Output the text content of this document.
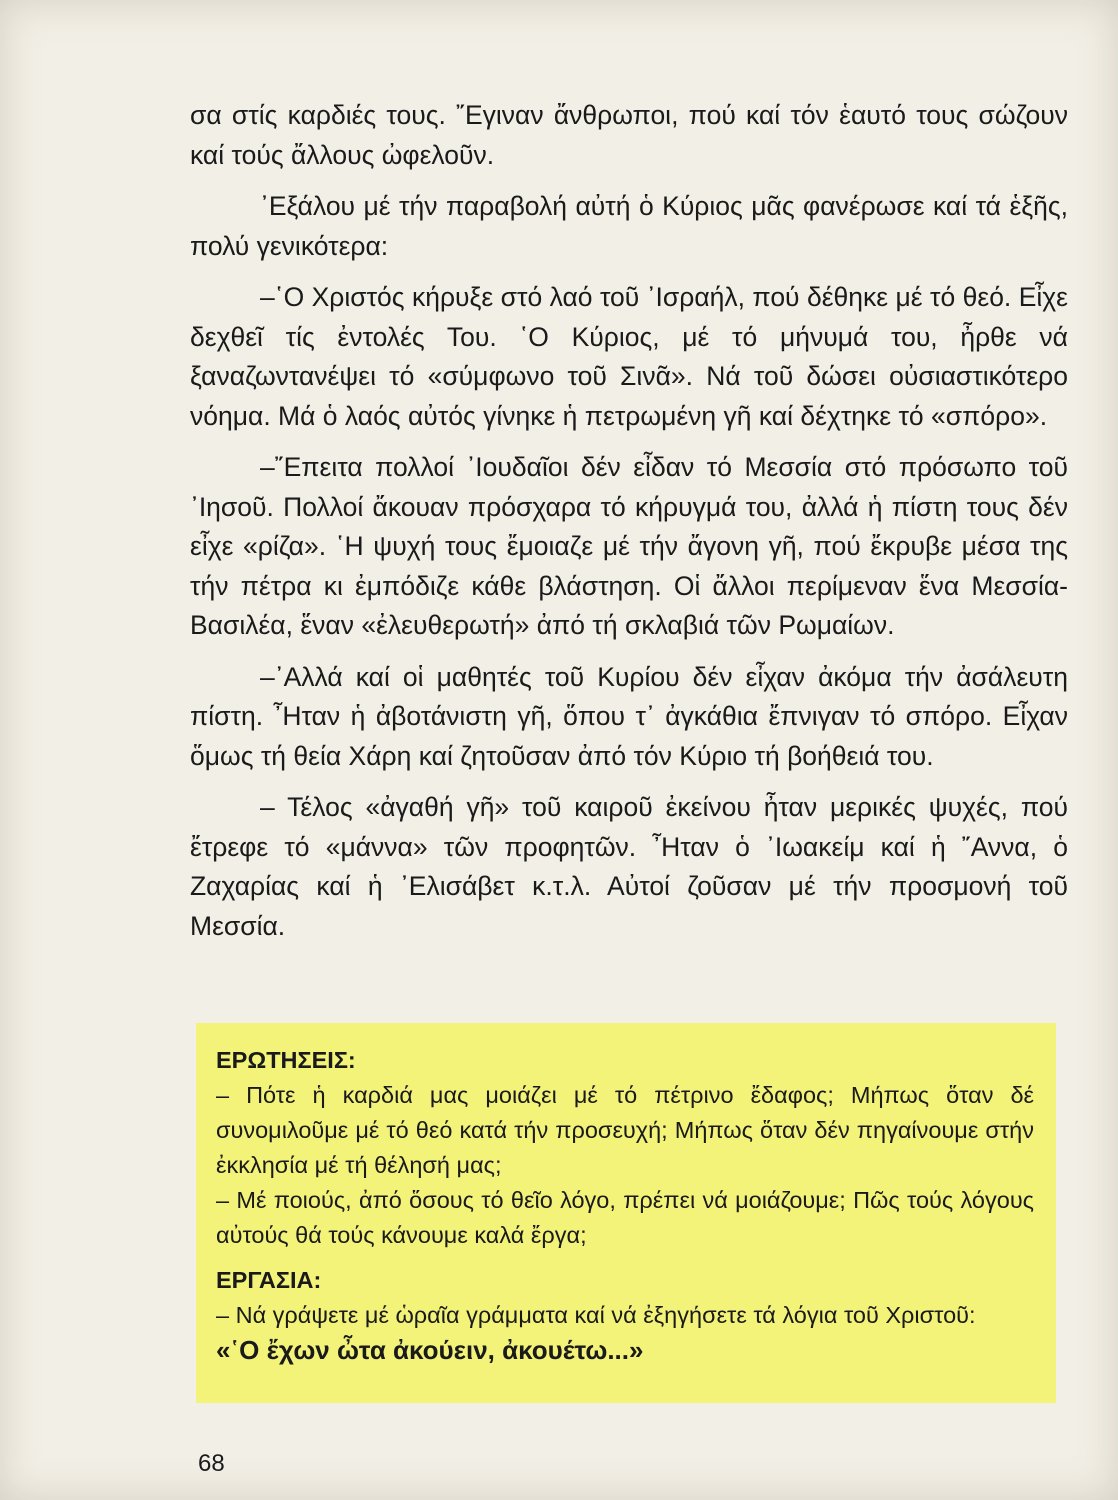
σα στίς καρδιές τους. ῎Εγιναν ἄνθρωποι, πού καί τόν ἑαυτό τους σώζουν καί τούς ἄλλους ὠφελοῦν.

᾽Εξάλου μέ τήν παραβολή αὐτή ὁ Κύριος μᾶς φανέρωσε καί τά ἑξῆς, πολύ γενικότερα:

–῾Ο Χριστός κήρυξε στό λαό τοῦ ᾽Ισραήλ, πού δέθηκε μέ τό θεό. Εἶχε δεχθεῖ τίς ἐντολές Του. ῾Ο Κύριος, μέ τό μήνυμά του, ἦρθε νά ξαναζωντανέψει τό «σύμφωνο τοῦ Σινᾶ». Νά τοῦ δώσει οὐσιαστικότερο νόημα. Μά ὁ λαός αὐτός γίνηκε ἡ πετρωμένη γῆ καί δέχτηκε τό «σπόρο».

–῎Επειτα πολλοί ᾽Ιουδαῖοι δέν εἶδαν τό Μεσσία στό πρόσωπο τοῦ ᾽Ιησοῦ. Πολλοί ἄκουαν πρόσχαρα τό κήρυγμά του, ἀλλά ἡ πίστη τους δέν εἶχε «ρίζα». ῾Η ψυχή τους ἔμοιαζε μέ τήν ἄγονη γῆ, πού ἔκρυβε μέσα της τήν πέτρα κι ἐμπόδιζε κάθε βλάστηση. Οἱ ἄλλοι περίμεναν ἕνα Μεσσία-Βασιλέα, ἕναν «ἐλευθερωτή» ἀπό τή σκλαβιά τῶν Ρωμαίων.

–᾽Αλλά καί οἱ μαθητές τοῦ Κυρίου δέν εἶχαν ἀκόμα τήν ἀσάλευτη πίστη. ῏Ηταν ἡ ἀβοτάνιστη γῆ, ὅπου τ᾽ ἀγκάθια ἔπνιγαν τό σπόρο. Εἶχαν ὅμως τή θεία Χάρη καί ζητοῦσαν ἀπό τόν Κύριο τή βοήθειά του.

– Τέλος «ἀγαθή γῆ» τοῦ καιροῦ ἐκείνου ἦταν μερικές ψυχές, πού ἔτρεφε τό «μάννα» τῶν προφητῶν. ῏Ηταν ὁ ᾽Ιωακείμ καί ἡ ῎Αννα, ὁ Ζαχαρίας καί ἡ ᾽Ελισάβετ κ.τ.λ. Αὐτοί ζοῦσαν μέ τήν προσμονή τοῦ Μεσσία.

ΕΡΩΤΗΣΕΙΣ:

– Πότε ἡ καρδιά μας μοιάζει μέ τό πέτρινο ἔδαφος; Μήπως ὅταν δέ συνομιλοῦμε μέ τό θεό κατά τήν προσευχή; Μήπως ὅταν δέν πηγαίνουμε στήν ἐκκλησία μέ τή θέλησή μας;

– Μέ ποιούς, ἀπό ὅσους τό θεῖο λόγο, πρέπει νά μοιάζουμε; Πῶς τούς λόγους αὐτούς θά τούς κάνουμε καλά ἔργα;

ΕΡΓΑΣΙΑ:

– Νά γράψετε μέ ὡραῖα γράμματα καί νά ἐξηγήσετε τά λόγια τοῦ Χριστοῦ:

«῾Ο ἔχων ὦτα ἀκούειν, ἀκουέτω...»

68
